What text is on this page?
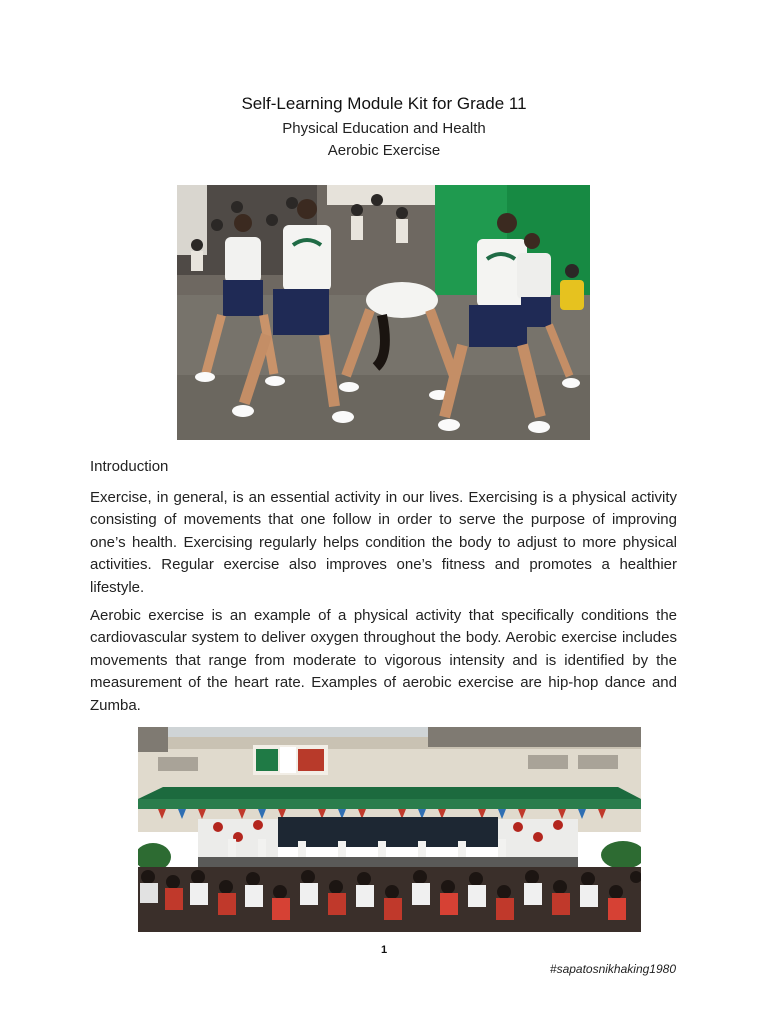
Self-Learning Module Kit for Grade 11
Physical Education and Health
Aerobic Exercise
Introduction

Exercise, in general, is an essential activity in our lives. Exercising is a physical activity consisting of movements that one follow in order to serve the purpose of improving one’s health. Exercising regularly helps condition the body to adjust to more physical activities. Regular exercise also improves one’s fitness and promotes a healthier lifestyle.

Aerobic exercise is an example of a physical activity that specifically conditions the cardiovascular system to deliver oxygen throughout the body. Aerobic exercise includes movements that range from moderate to vigorous intensity and is identified by the measurement of the heart rate. Examples of aerobic exercise are hip-hop dance and Zumba.

1
#sapatosnikhaking1980
